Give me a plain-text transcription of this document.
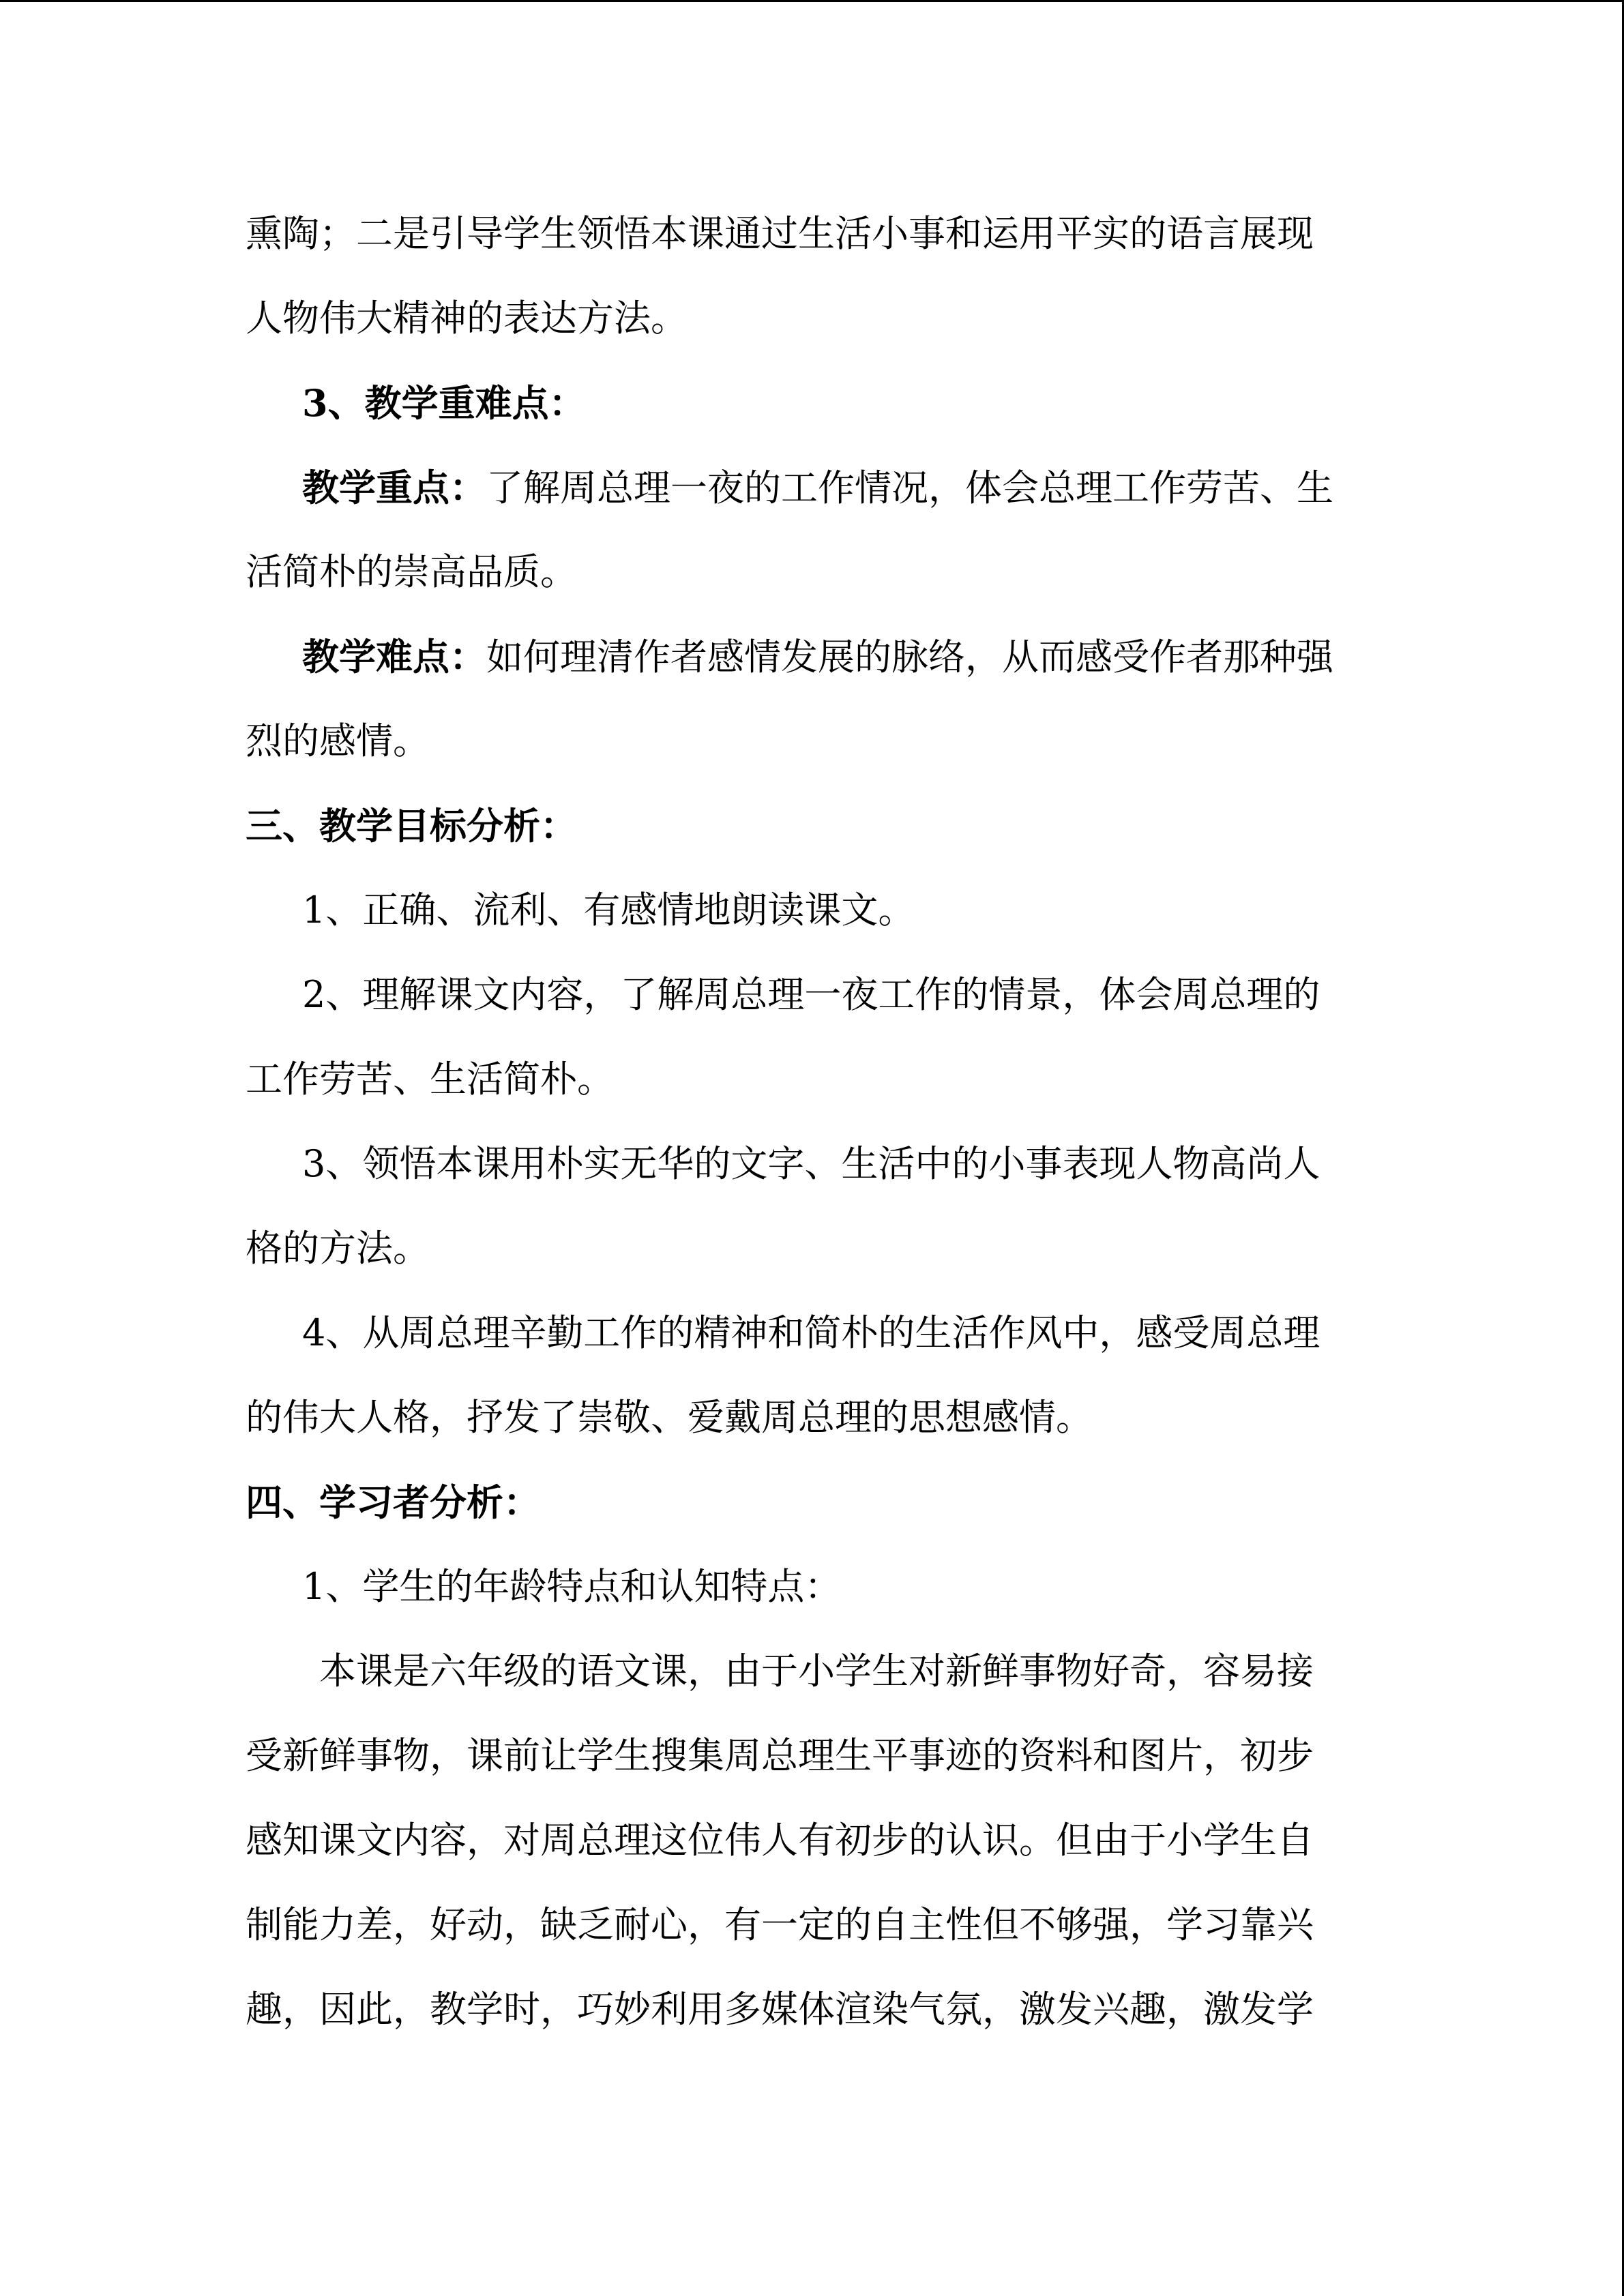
熏陶；二是引导学生领悟本课通过生活小事和运用平实的语言展现
人物伟大精神的表达方法。
3、教学重难点：
教学重点：了解周总理一夜的工作情况，体会总理工作劳苦、生
活简朴的崇高品质。
教学难点：如何理清作者感情发展的脉络，从而感受作者那种强
烈的感情。
三、教学目标分析：
1、正确、流利、有感情地朗读课文。
2、理解课文内容，了解周总理一夜工作的情景，体会周总理的
工作劳苦、生活简朴。
3、领悟本课用朴实无华的文字、生活中的小事表现人物高尚人
格的方法。
4、从周总理辛勤工作的精神和简朴的生活作风中，感受周总理
的伟大人格，抒发了崇敬、爱戴周总理的思想感情。
四、学习者分析：
1、学生的年龄特点和认知特点：
本课是六年级的语文课，由于小学生对新鲜事物好奇，容易接
受新鲜事物，课前让学生搜集周总理生平事迹的资料和图片，初步
感知课文内容，对周总理这位伟人有初步的认识。但由于小学生自
制能力差，好动，缺乏耐心，有一定的自主性但不够强，学习靠兴
趣，因此，教学时，巧妙利用多媒体渲染气氛，激发兴趣，激发学
